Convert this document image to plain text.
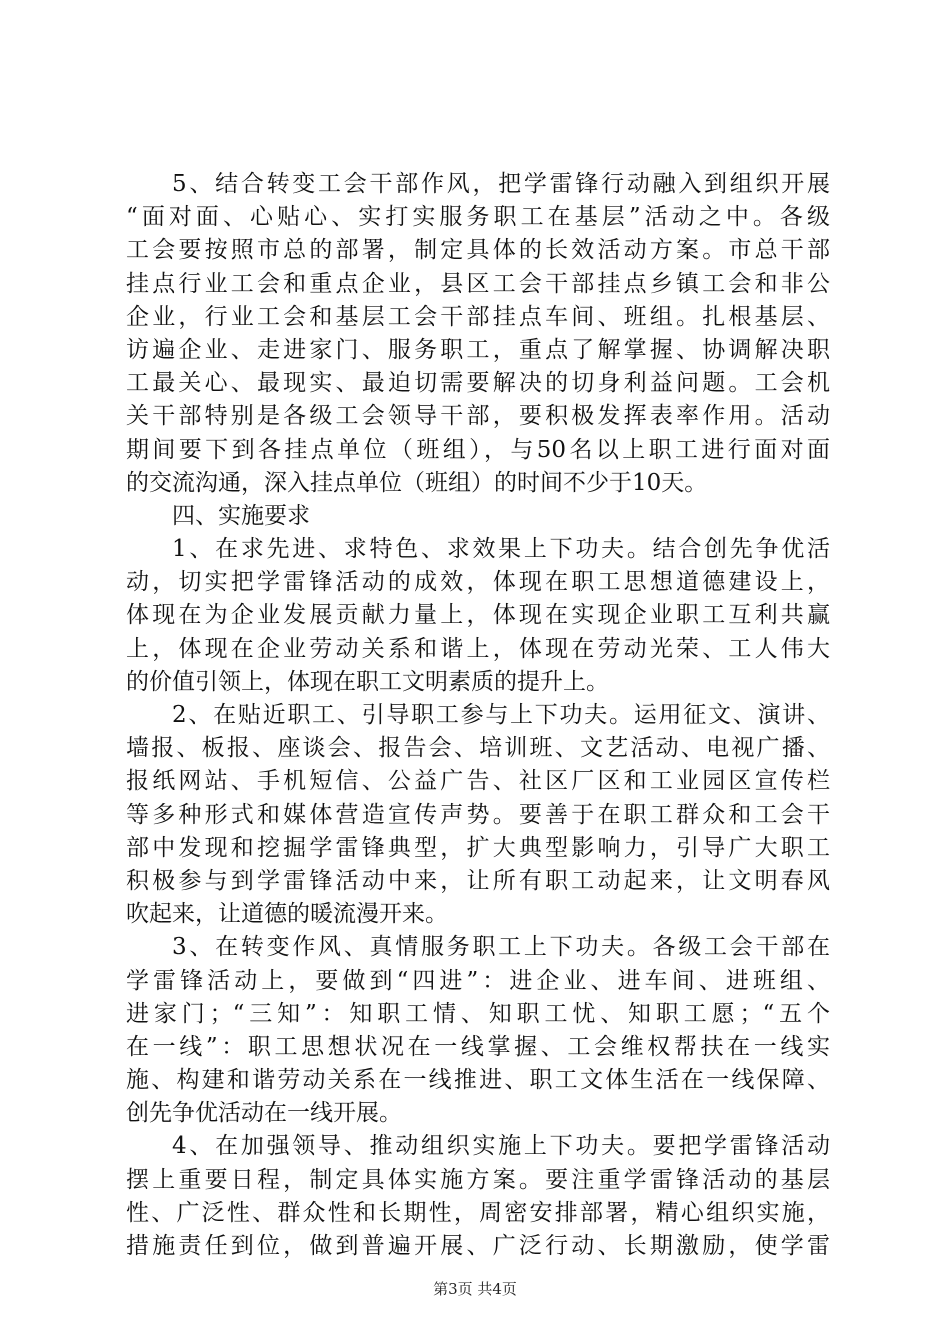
5、结合转变工会干部作风，把学雷锋行动融入到组织开展
“面对面、心贴心、实打实服务职工在基层”活动之中。各级
工会要按照市总的部署，制定具体的长效活动方案。市总干部
挂点行业工会和重点企业，县区工会干部挂点乡镇工会和非公
企业，行业工会和基层工会干部挂点车间、班组。扎根基层、
访遍企业、走进家门、服务职工，重点了解掌握、协调解决职
工最关心、最现实、最迫切需要解决的切身利益问题。工会机
关干部特别是各级工会领导干部，要积极发挥表率作用。活动
期间要下到各挂点单位（班组），与50名以上职工进行面对面
的交流沟通，深入挂点单位（班组）的时间不少于10天。
四、实施要求
1、在求先进、求特色、求效果上下功夫。结合创先争优活
动，切实把学雷锋活动的成效，体现在职工思想道德建设上，
体现在为企业发展贡献力量上，体现在实现企业职工互利共赢
上，体现在企业劳动关系和谐上，体现在劳动光荣、工人伟大
的价值引领上，体现在职工文明素质的提升上。
2、在贴近职工、引导职工参与上下功夫。运用征文、演讲、
墙报、板报、座谈会、报告会、培训班、文艺活动、电视广播、
报纸网站、手机短信、公益广告、社区厂区和工业园区宣传栏
等多种形式和媒体营造宣传声势。要善于在职工群众和工会干
部中发现和挖掘学雷锋典型，扩大典型影响力，引导广大职工
积极参与到学雷锋活动中来，让所有职工动起来，让文明春风
吹起来，让道德的暖流漫开来。
3、在转变作风、真情服务职工上下功夫。各级工会干部在
学雷锋活动上，要做到“四进”：进企业、进车间、进班组、
进家门；“三知”：知职工情、知职工忧、知职工愿；“五个
在一线”：职工思想状况在一线掌握、工会维权帮扶在一线实
施、构建和谐劳动关系在一线推进、职工文体生活在一线保障、
创先争优活动在一线开展。
4、在加强领导、推动组织实施上下功夫。要把学雷锋活动
摆上重要日程，制定具体实施方案。要注重学雷锋活动的基层
性、广泛性、群众性和长期性，周密安排部署，精心组织实施，
措施责任到位，做到普遍开展、广泛行动、长期激励，使学雷
第3页 共4页
